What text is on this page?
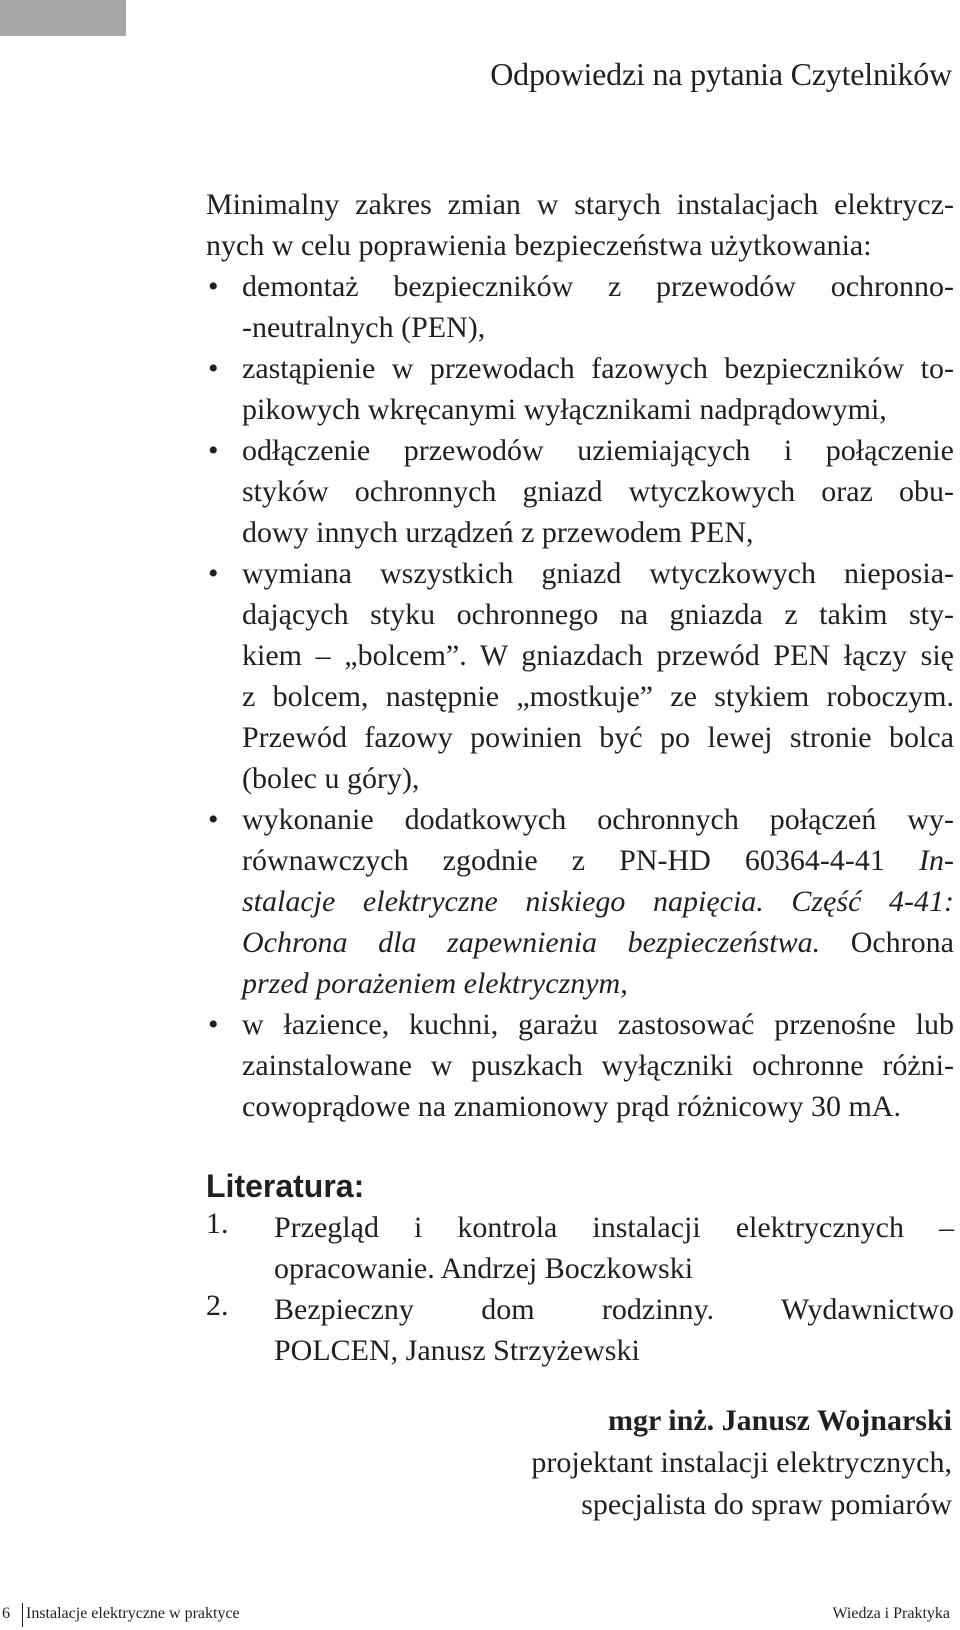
Odpowiedzi na pytania Czytelników
Minimalny zakres zmian w starych instalacjach elektrycz-
nych w celu poprawienia bezpieczeństwa użytkowania:
• demontaż bezpieczników z przewodów ochronno-
-neutralnych (PEN),
• zastąpienie w przewodach fazowych bezpieczników to-
pikowych wkręcanymi wyłącznikami nadprądowymi,
• odłączenie przewodów uziemiających i połączenie
styków ochronnych gniazd wtyczkowych oraz obu-
dowy innych urządzeń z przewodem PEN,
• wymiana wszystkich gniazd wtyczkowych nieposia-
dających styku ochronnego na gniazda z takim sty-
kiem – „bolcem”. W gniazdach przewód PEN łączy się
z bolcem, następnie „mostkuje” ze stykiem roboczym.
Przewód fazowy powinien być po lewej stronie bolca
(bolec u góry),
• wykonanie dodatkowych ochronnych połączeń wy-
równawczych zgodnie z PN-HD 60364-4-41 In-
stalacje elektryczne niskiego napięcia. Część 4-41:
Ochrona dla zapewnienia bezpieczeństwa. Ochrona
przed porażeniem elektrycznym,
• w łazience, kuchni, garażu zastosować przenośne lub
zainstalowane w puszkach wyłączniki ochronne różni-
cowoprądowe na znamionowy prąd różnicowy 30 mA.
Literatura:
1. Przegląd i kontrola instalacji elektrycznych –
opracowanie. Andrzej Boczkowski
2. Bezpieczny dom rodzinny. Wydawnictwo
POLCEN, Janusz Strzyżewski
mgr inż. Janusz Wojnarski
projektant instalacji elektrycznych,
specjalista do spraw pomiarów
6 Instalacje elektryczne w praktyce	Wiedza i Praktyka
